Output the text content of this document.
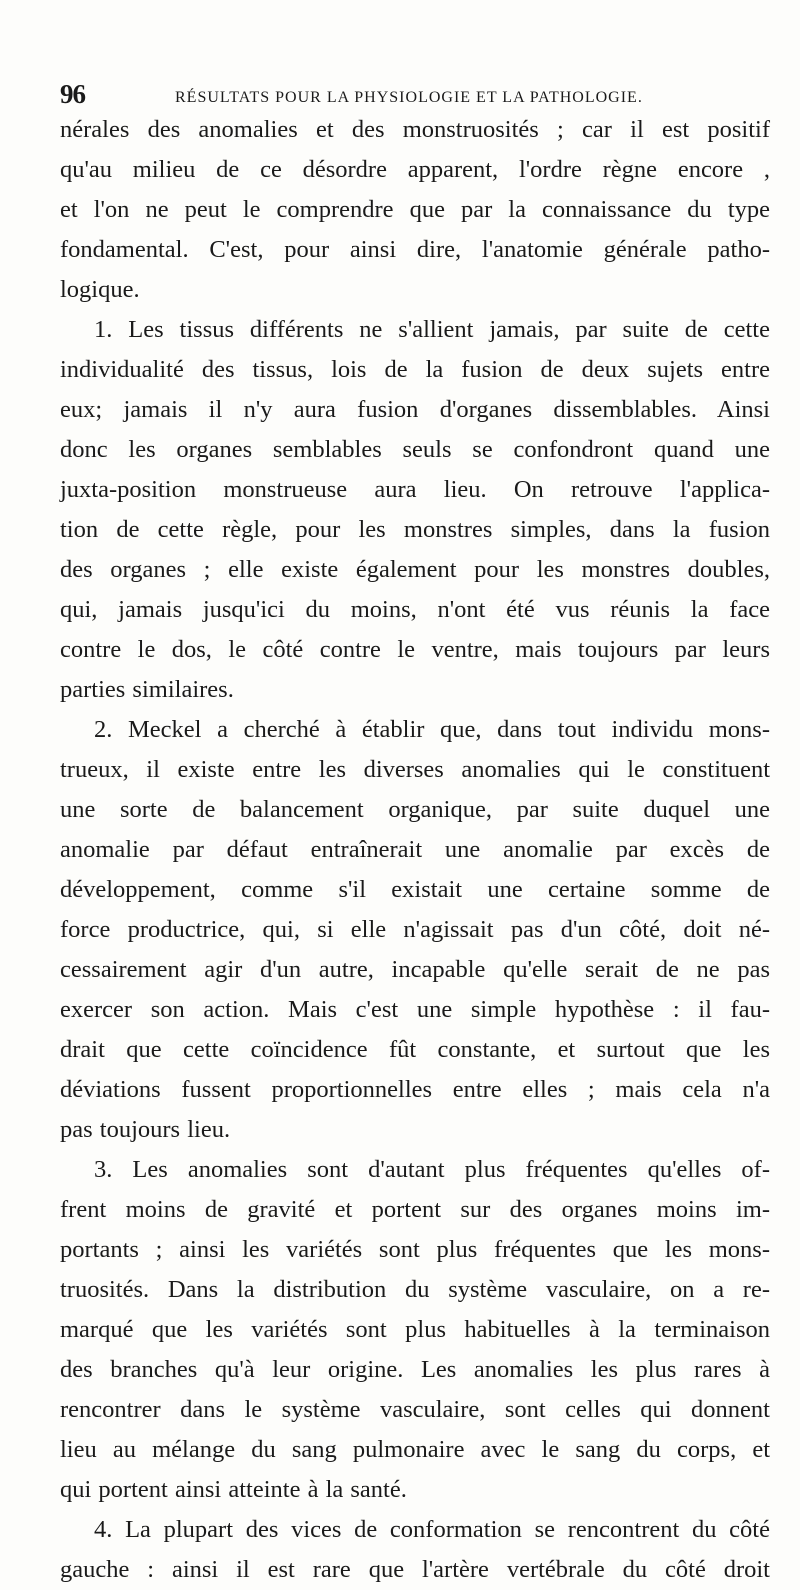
96	RÉSULTATS POUR LA PHYSIOLOGIE ET LA PATHOLOGIE.
nérales des anomalies et des monstruosités ; car il est positif
qu'au milieu de ce désordre apparent, l'ordre règne encore ,
et l'on ne peut le comprendre que par la connaissance du type
fondamental. C'est, pour ainsi dire, l'anatomie générale patho-
logique.
1. Les tissus différents ne s'allient jamais, par suite de cette
individualité des tissus, lois de la fusion de deux sujets entre
eux; jamais il n'y aura fusion d'organes dissemblables. Ainsi
donc les organes semblables seuls se confondront quand une
juxta-position monstrueuse aura lieu. On retrouve l'applica-
tion de cette règle, pour les monstres simples, dans la fusion
des organes ; elle existe également pour les monstres doubles,
qui, jamais jusqu'ici du moins, n'ont été vus réunis la face
contre le dos, le côté contre le ventre, mais toujours par leurs
parties similaires.
2. Meckel a cherché à établir que, dans tout individu mons-
trueux, il existe entre les diverses anomalies qui le constituent
une sorte de balancement organique, par suite duquel une
anomalie par défaut entraînerait une anomalie par excès de
développement, comme s'il existait une certaine somme de
force productrice, qui, si elle n'agissait pas d'un côté, doit né-
cessairement agir d'un autre, incapable qu'elle serait de ne pas
exercer son action. Mais c'est une simple hypothèse : il fau-
drait que cette coïncidence fût constante, et surtout que les
déviations fussent proportionnelles entre elles ; mais cela n'a
pas toujours lieu.
3. Les anomalies sont d'autant plus fréquentes qu'elles of-
frent moins de gravité et portent sur des organes moins im-
portants ; ainsi les variétés sont plus fréquentes que les mons-
truosités. Dans la distribution du système vasculaire, on a re-
marqué que les variétés sont plus habituelles à la terminaison
des branches qu'à leur origine. Les anomalies les plus rares à
rencontrer dans le système vasculaire, sont celles qui donnent
lieu au mélange du sang pulmonaire avec le sang du corps, et
qui portent ainsi atteinte à la santé.
4. La plupart des vices de conformation se rencontrent du côté
gauche : ainsi il est rare que l'artère vertébrale du côté droit
